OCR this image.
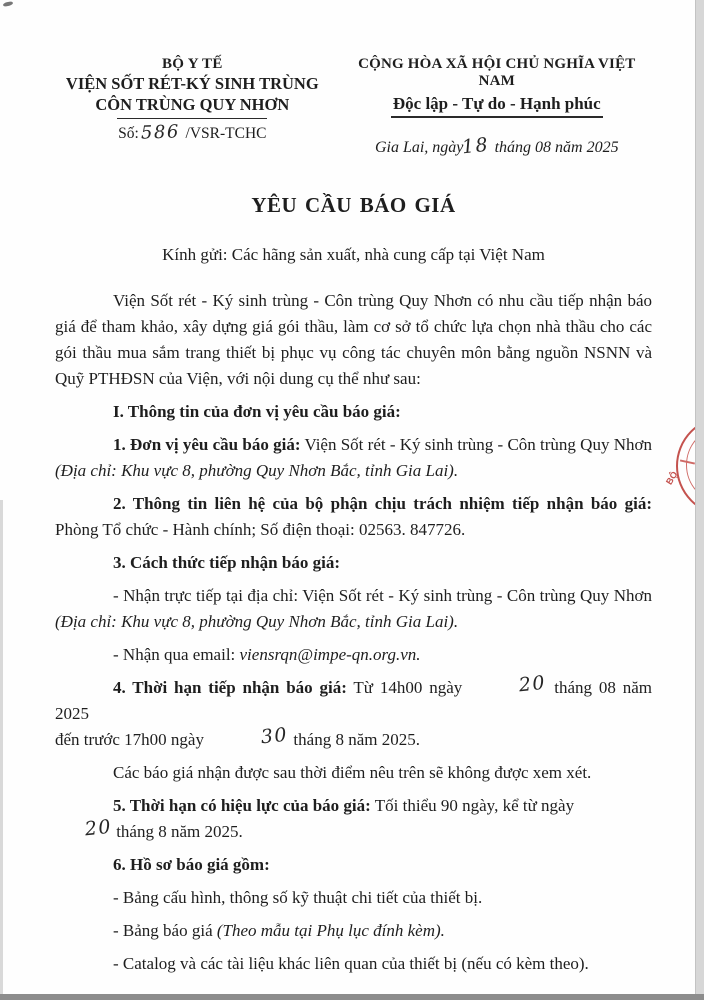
BỘ Y TẾ
VIỆN SỐT RÉT-KÝ SINH TRÙNG
CÔN TRÙNG QUY NHƠN
Số:586 /VSR-TCHC
CỘNG HÒA XÃ HỘI CHỦ NGHĨA VIỆT NAM
Độc lập - Tự do - Hạnh phúc
Gia Lai, ngày18 tháng 08 năm 2025
YÊU CẦU BÁO GIÁ
Kính gửi: Các hãng sản xuất, nhà cung cấp tại Việt Nam

Viện Sốt rét - Ký sinh trùng - Côn trùng Quy Nhơn có nhu cầu tiếp nhận báo giá để tham khảo, xây dựng giá gói thầu, làm cơ sở tổ chức lựa chọn nhà thầu cho các gói thầu mua sắm trang thiết bị phục vụ công tác chuyên môn bằng nguồn NSNN và Quỹ PTHĐSN của Viện, với nội dung cụ thể như sau:

I. Thông tin của đơn vị yêu cầu báo giá:

1. Đơn vị yêu cầu báo giá: Viện Sốt rét - Ký sinh trùng - Côn trùng Quy Nhơn (Địa chỉ: Khu vực 8, phường Quy Nhơn Bắc, tỉnh Gia Lai).

2. Thông tin liên hệ của bộ phận chịu trách nhiệm tiếp nhận báo giá: Phòng Tổ chức - Hành chính; Số điện thoại: 02563. 847726.

3. Cách thức tiếp nhận báo giá:

- Nhận trực tiếp tại địa chỉ: Viện Sốt rét - Ký sinh trùng - Côn trùng Quy Nhơn (Địa chỉ: Khu vực 8, phường Quy Nhơn Bắc, tỉnh Gia Lai).

- Nhận qua email: viensrqn@impe-qn.org.vn.

4. Thời hạn tiếp nhận báo giá: Từ 14h00 ngày	20 tháng 08 năm 2025
đến trước 17h00 ngày	30 tháng 8 năm 2025.

Các báo giá nhận được sau thời điểm nêu trên sẽ không được xem xét.

5. Thời hạn có hiệu lực của báo giá: Tối thiểu 90 ngày, kể từ ngày
20 tháng 8 năm 2025.

6. Hồ sơ báo giá gồm:

- Bảng cấu hình, thông số kỹ thuật chi tiết của thiết bị.

- Bảng báo giá (Theo mẫu tại Phụ lục đính kèm).

- Catalog và các tài liệu khác liên quan của thiết bị (nếu có kèm theo).

BỘ
